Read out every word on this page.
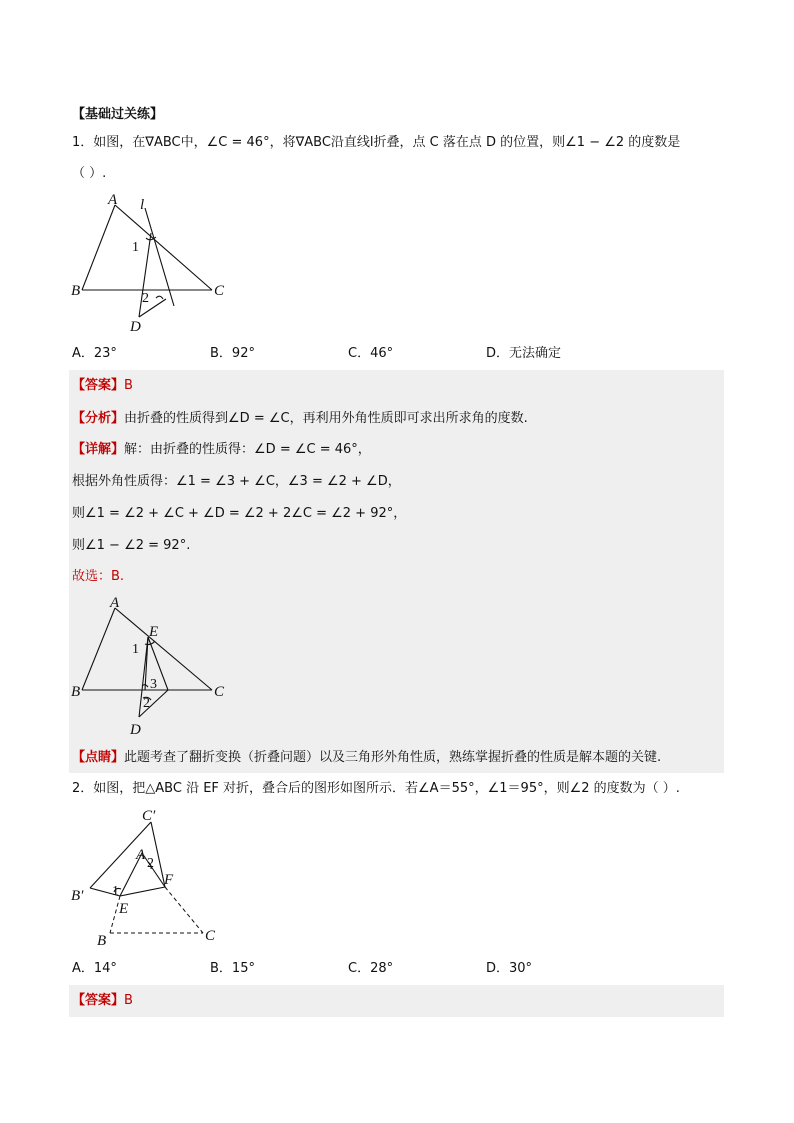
【基础过关练】
1．如图，在∇ABC中，∠C = 46°，将∇ABC沿直线l折叠，点 C 落在点 D 的位置，则∠1 − ∠2 的度数是
（ ）.
A l
1
B	2	C
D
A．23°	B．92°	C．46°	D．无法确定
【答案】B
【分析】由折叠的性质得到∠D = ∠C，再利用外角性质即可求出所求角的度数.
【详解】解：由折叠的性质得：∠D = ∠C = 46°，
根据外角性质得：∠1 = ∠3 + ∠C，∠3 = ∠2 + ∠D，
则∠1 = ∠2 + ∠C + ∠D = ∠2 + 2∠C = ∠2 + 92°，
则∠1 − ∠2 = 92°.
故选：B.
A
E
1
3
B
2
C
D
【点睛】此题考查了翻折变换（折叠问题）以及三角形外角性质，熟练掌握折叠的性质是解本题的关键.
2．如图，把△ABC 沿 EF 对折，叠合后的图形如图所示．若∠A＝55°，∠1＝95°，则∠2 的度数为（ ）.
C′
A
2
F
B′ 1
E
B	C
A．14°	B．15°	C．28°	D．30°
【答案】B
